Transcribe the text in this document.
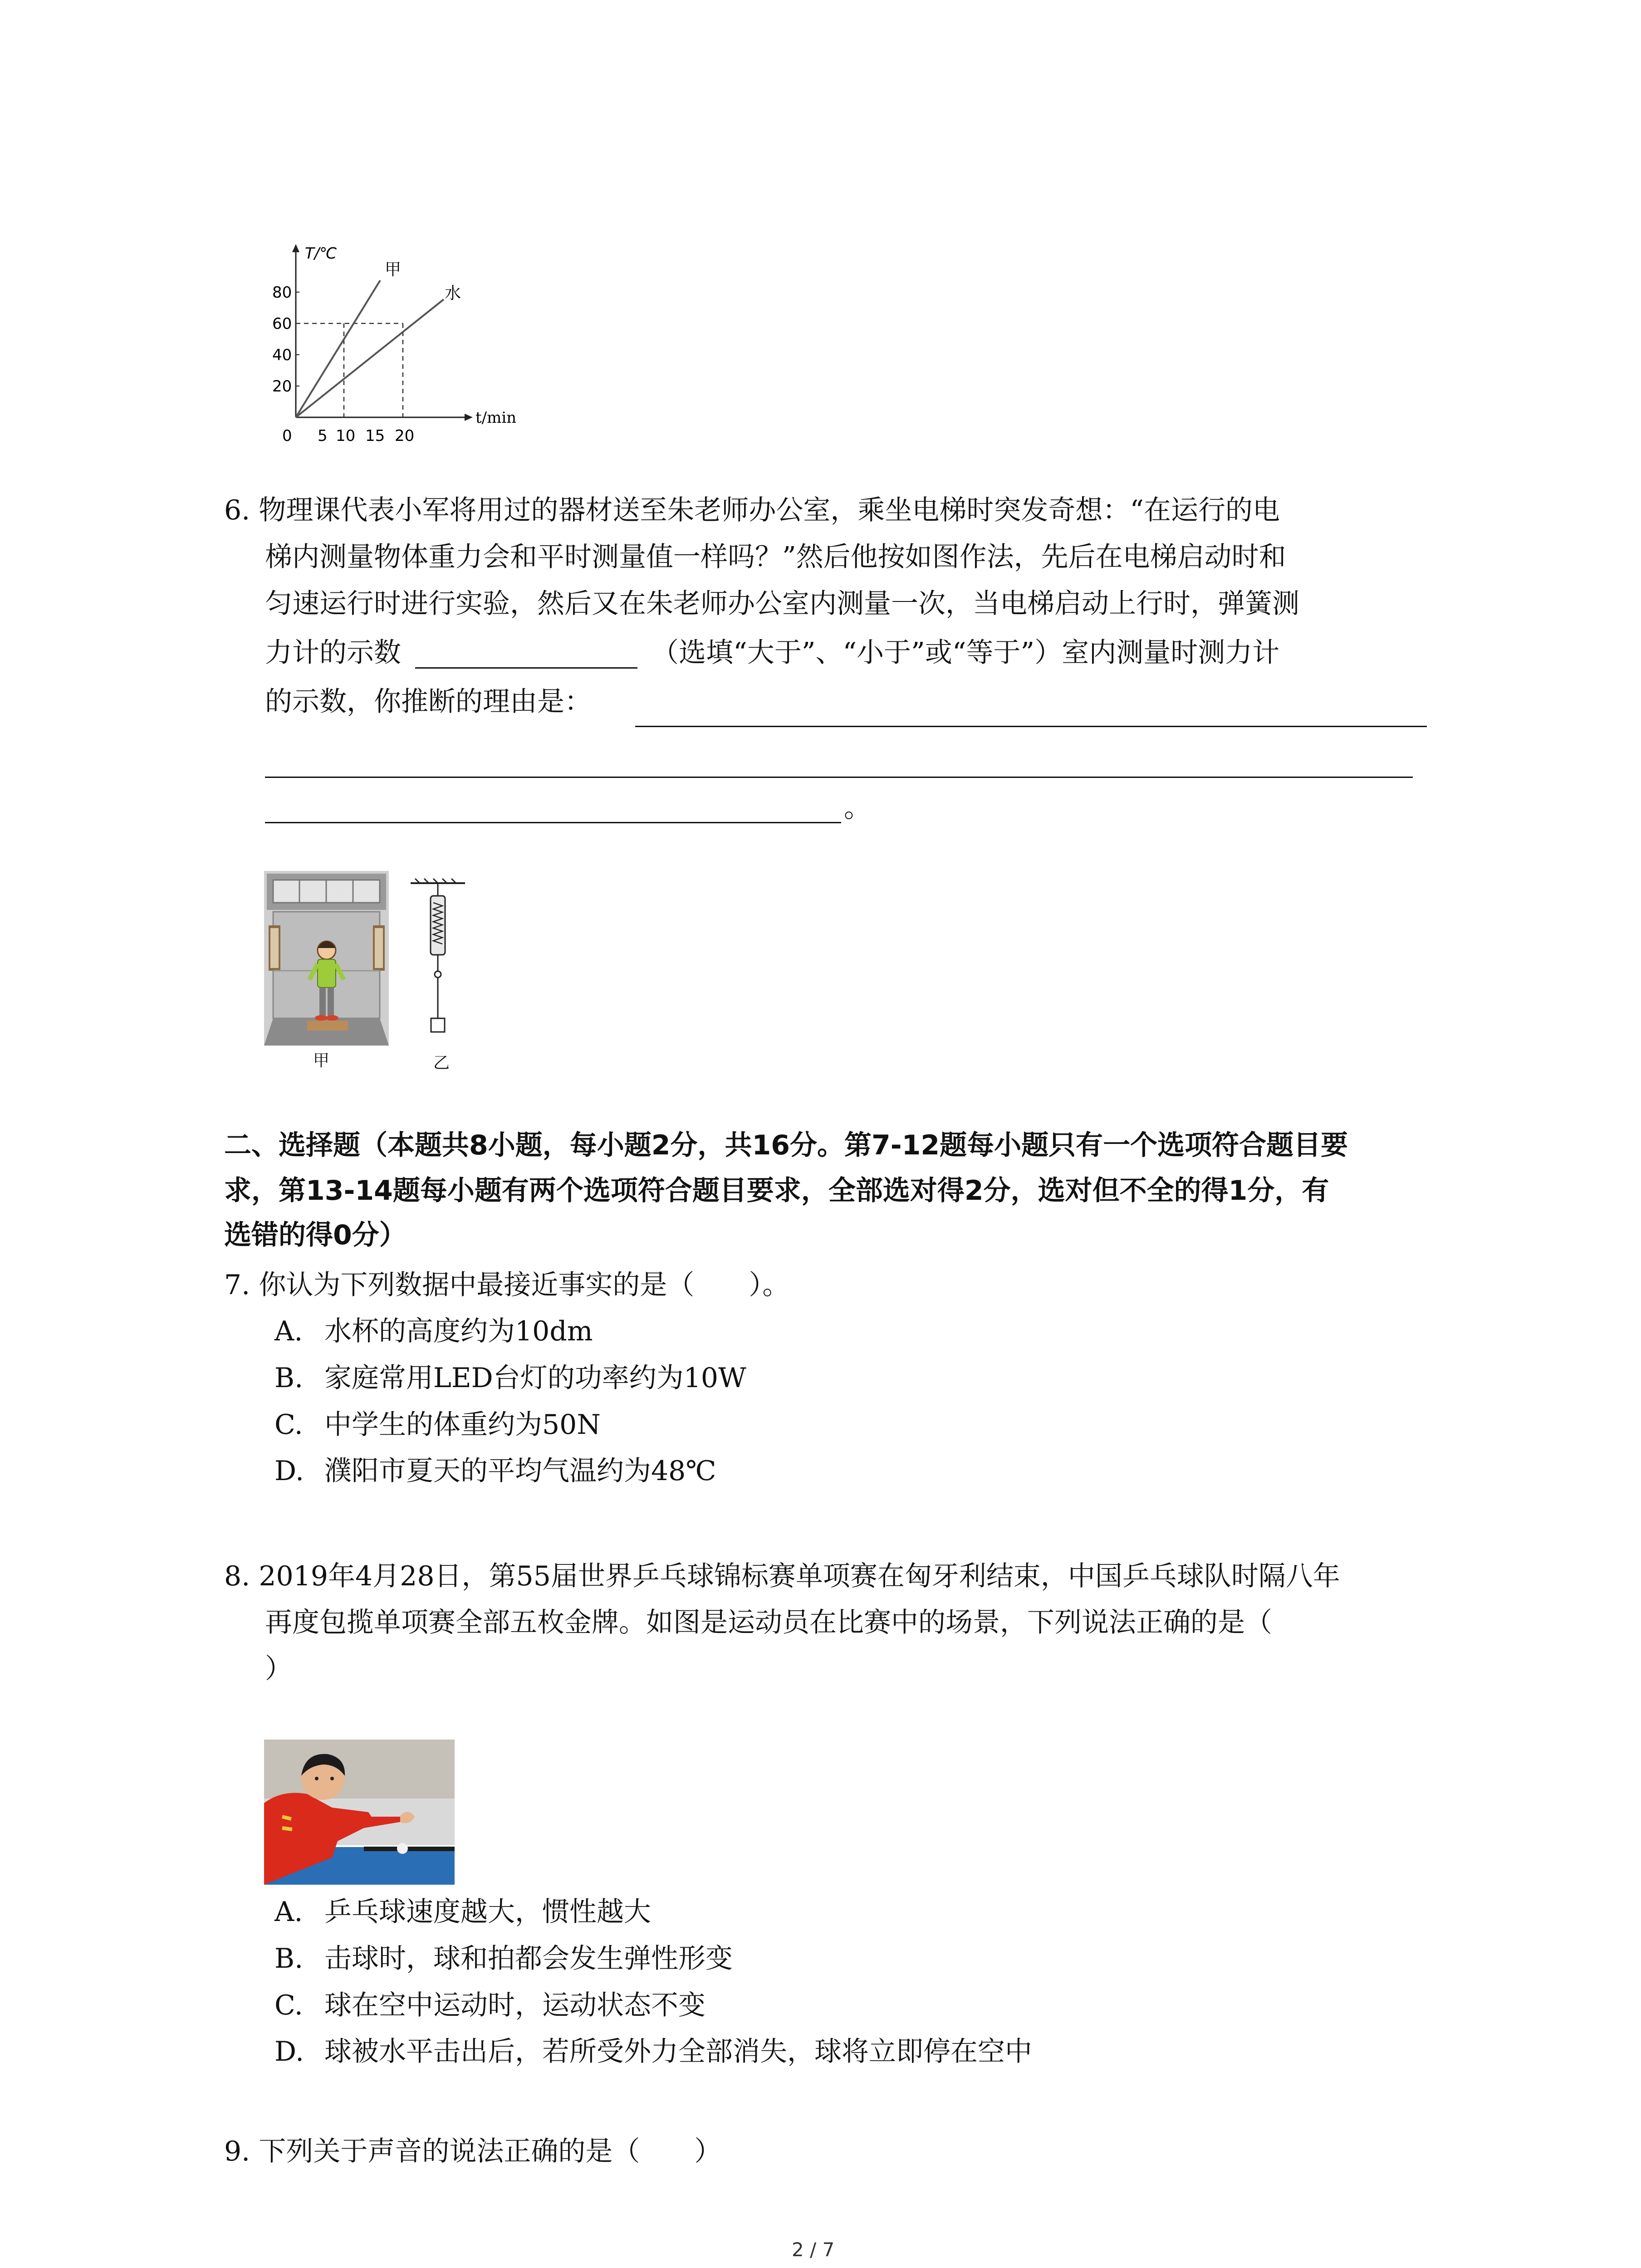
T/℃
t/min
80
60
40
20
0 5 10 15 20
甲
水
6. 物理课代表小军将用过的器材送至朱老师办公室，乘坐电梯时突发奇想：“在运行的电
梯内测量物体重力会和平时测量值一样吗？”然后他按如图作法，先后在电梯启动时和
匀速运行时进行实验，然后又在朱老师办公室内测量一次，当电梯启动上行时，弹簧测
力计的示数	（选填“大于”、“小于”或“等于”）室内测量时测力计
的示数，你推断的理由是：
。
甲	乙
二、选择题（本题共8小题，每小题2分，共16分。第7-12题每小题只有一个选项符合题目要
求，第13-14题每小题有两个选项符合题目要求，全部选对得2分，选对但不全的得1分，有
选错的得0分）
7. 你认为下列数据中最接近事实的是（　　）。
A. 水杯的高度约为10dm
B. 家庭常用LED台灯的功率约为10W
C. 中学生的体重约为50N
D. 濮阳市夏天的平均气温约为48℃
8. 2019年4月28日，第55届世界乒乓球锦标赛单项赛在匈牙利结束，中国乒乓球队时隔八年
再度包揽单项赛全部五枚金牌。如图是运动员在比赛中的场景，下列说法正确的是（
）
A. 乒乓球速度越大，惯性越大
B. 击球时，球和拍都会发生弹性形变
C. 球在空中运动时，运动状态不变
D. 球被水平击出后，若所受外力全部消失，球将立即停在空中
9. 下列关于声音的说法正确的是（　　）
2 / 7
